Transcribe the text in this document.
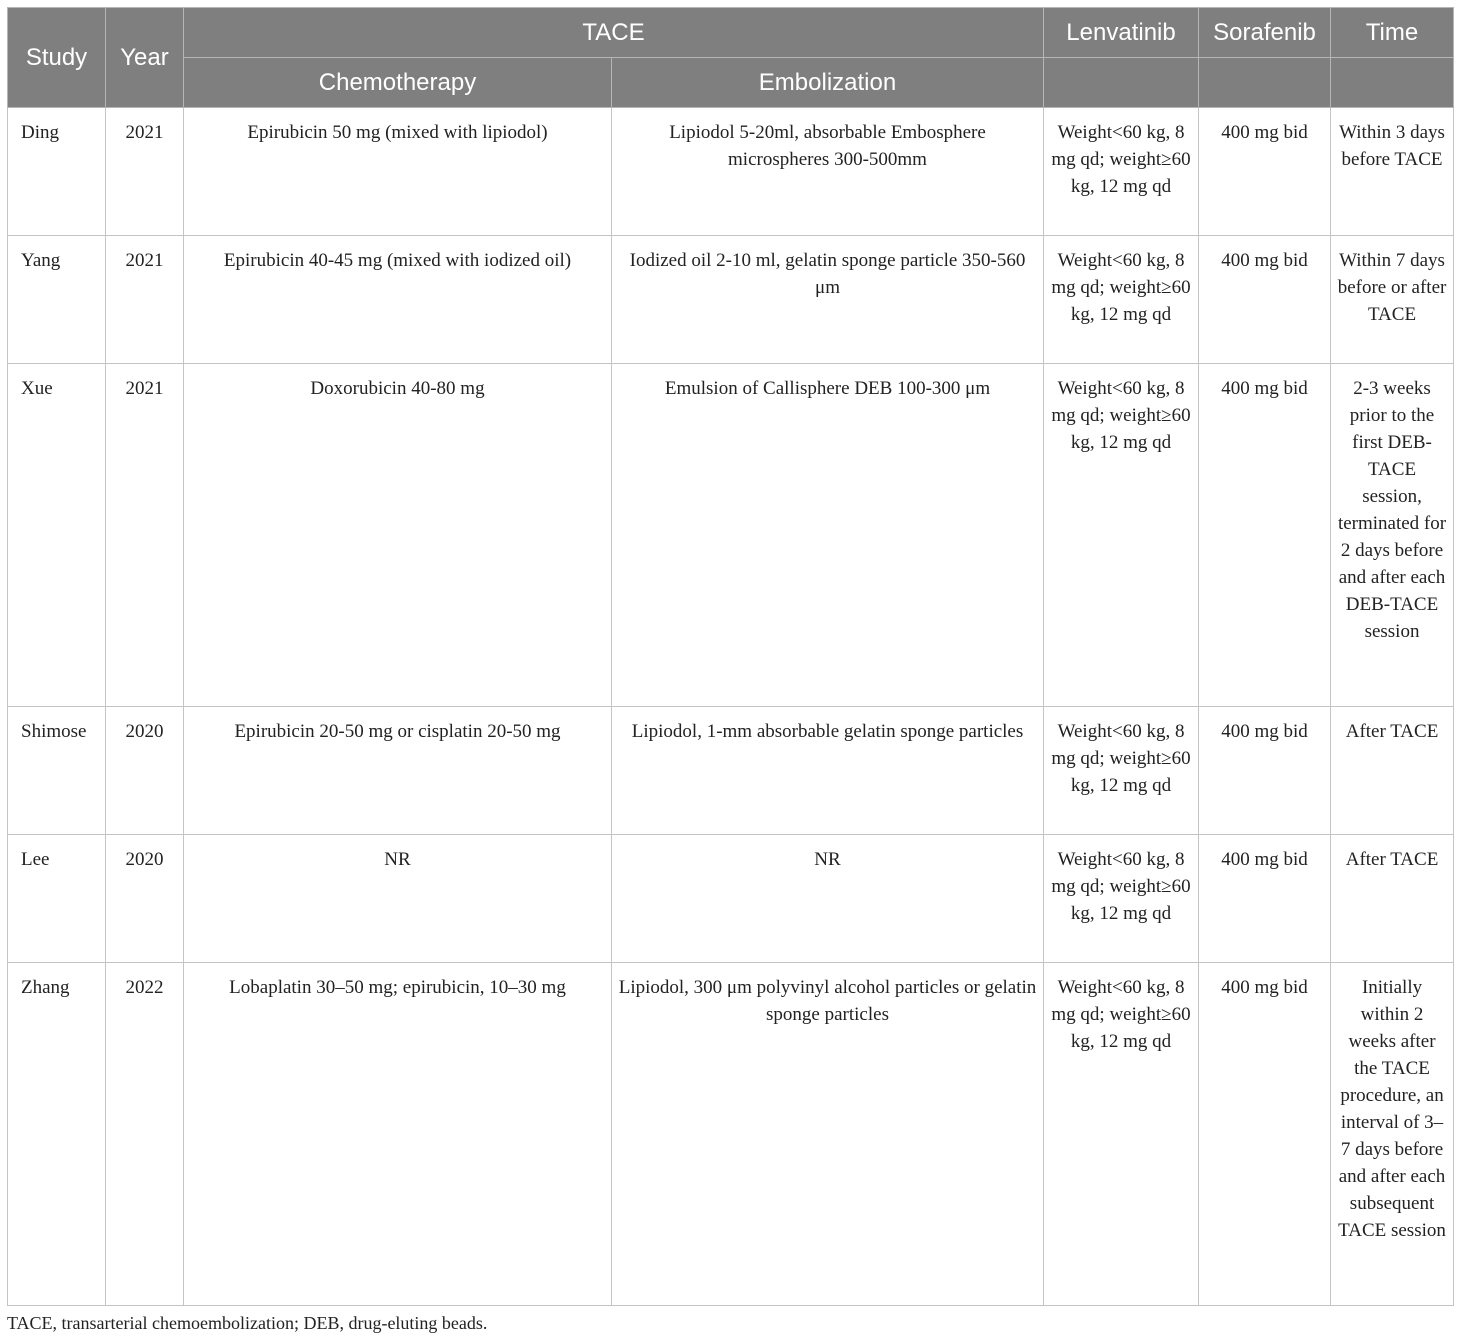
Study	Year	TACE		Lenvatinib	Sorafenib	Time
		Chemotherapy	Embolization			
Ding	2021	Epirubicin 50 mg (mixed with lipiodol)	Lipiodol 5-20ml, absorbable Embosphere microspheres 300-500mm	Weight<60 kg, 8 mg qd; weight≥60 kg, 12 mg qd	400 mg bid	Within 3 days before TACE
Yang	2021	Epirubicin 40-45 mg (mixed with iodized oil)	Iodized oil 2-10 ml, gelatin sponge particle 350-560 μm	Weight<60 kg, 8 mg qd; weight≥60 kg, 12 mg qd	400 mg bid	Within 7 days before or after TACE
Xue	2021	Doxorubicin 40-80 mg	Emulsion of Callisphere DEB 100-300 μm	Weight<60 kg, 8 mg qd; weight≥60 kg, 12 mg qd	400 mg bid	2-3 weeks prior to the first DEB-TACE session, terminated for 2 days before and after each DEB-TACE session
Shimose	2020	Epirubicin 20-50 mg or cisplatin 20-50 mg	Lipiodol, 1-mm absorbable gelatin sponge particles	Weight<60 kg, 8 mg qd; weight≥60 kg, 12 mg qd	400 mg bid	After TACE
Lee	2020	NR	NR	Weight<60 kg, 8 mg qd; weight≥60 kg, 12 mg qd	400 mg bid	After TACE
Zhang	2022	Lobaplatin 30–50 mg; epirubicin, 10–30 mg	Lipiodol, 300 μm polyvinyl alcohol particles or gelatin sponge particles	Weight<60 kg, 8 mg qd; weight≥60 kg, 12 mg qd	400 mg bid	Initially within 2 weeks after the TACE procedure, an interval of 3–7 days before and after each subsequent TACE session
TACE, transarterial chemoembolization; DEB, drug-eluting beads.
